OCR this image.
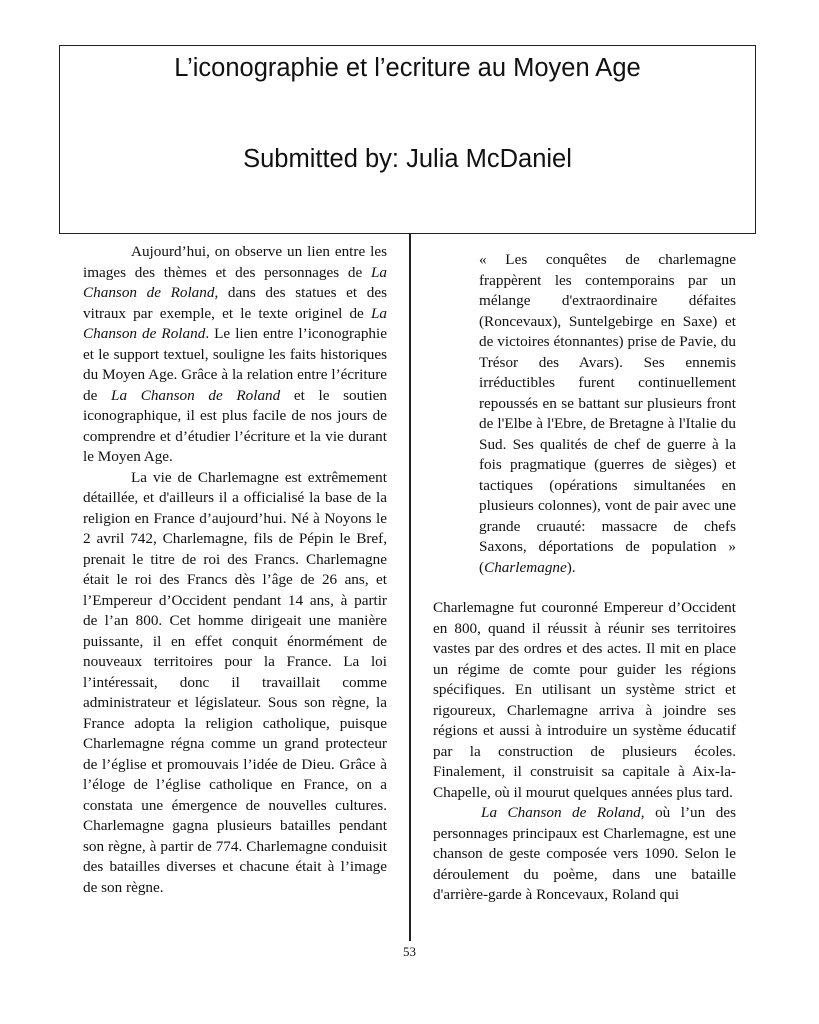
L’iconographie et l’ecriture au Moyen Age
Submitted by: Julia McDaniel

Aujourd’hui, on observe un lien entre les images des thèmes et des personnages de La Chanson de Roland, dans des statues et des vitraux par exemple, et le texte originel de La Chanson de Roland. Le lien entre l’iconographie et le support textuel, souligne les faits historiques du Moyen Age. Grâce à la relation entre l’écriture de La Chanson de Roland et le soutien iconographique, il est plus facile de nos jours de comprendre et d’étudier l’écriture et la vie durant le Moyen Age.

La vie de Charlemagne est extrêmement détaillée, et d'ailleurs il a officialisé la base de la religion en France d’aujourd’hui. Né à Noyons le 2 avril 742, Charlemagne, fils de Pépin le Bref, prenait le titre de roi des Francs. Charlemagne était le roi des Francs dès l’âge de 26 ans, et l’Empereur d’Occident pendant 14 ans, à partir de l’an 800. Cet homme dirigeait une manière puissante, il en effet conquit énormément de nouveaux territoires pour la France. La loi l’intéressait, donc il travaillait comme administrateur et législateur. Sous son règne, la France adopta la religion catholique, puisque Charlemagne régna comme un grand protecteur de l’église et promouvais l’idée de Dieu. Grâce à l’éloge de l’église catholique en France, on a constata une émergence de nouvelles cultures. Charlemagne gagna plusieurs batailles pendant son règne, à partir de 774. Charlemagne conduisit des batailles diverses et chacune était à l’image de son règne.

« Les conquêtes de charlemagne frappèrent les contemporains par un mélange d'extraordinaire défaites (Roncevaux), Suntelgebirge en Saxe) et de victoires étonnantes) prise de Pavie, du Trésor des Avars). Ses ennemis irréductibles furent continuellement repoussés en se battant sur plusieurs front de l'Elbe à l'Ebre, de Bretagne à l'Italie du Sud. Ses qualités de chef de guerre à la fois pragmatique (guerres de sièges) et tactiques (opérations simultanées en plusieurs colonnes), vont de pair avec une grande cruauté: massacre de chefs Saxons, déportations de population » (Charlemagne).

Charlemagne fut couronné Empereur d’Occident en 800, quand il réussit à réunir ses territoires vastes par des ordres et des actes. Il mit en place un régime de comte pour guider les régions spécifiques. En utilisant un système strict et rigoureux, Charlemagne arriva à joindre ses régions et aussi à introduire un système éducatif par la construction de plusieurs écoles. Finalement, il construisit sa capitale à Aix-la-Chapelle, où il mourut quelques années plus tard.

La Chanson de Roland, où l’un des personnages principaux est Charlemagne, est une chanson de geste composée vers 1090. Selon le déroulement du poème, dans une bataille d'arrière-garde à Roncevaux, Roland qui

53
